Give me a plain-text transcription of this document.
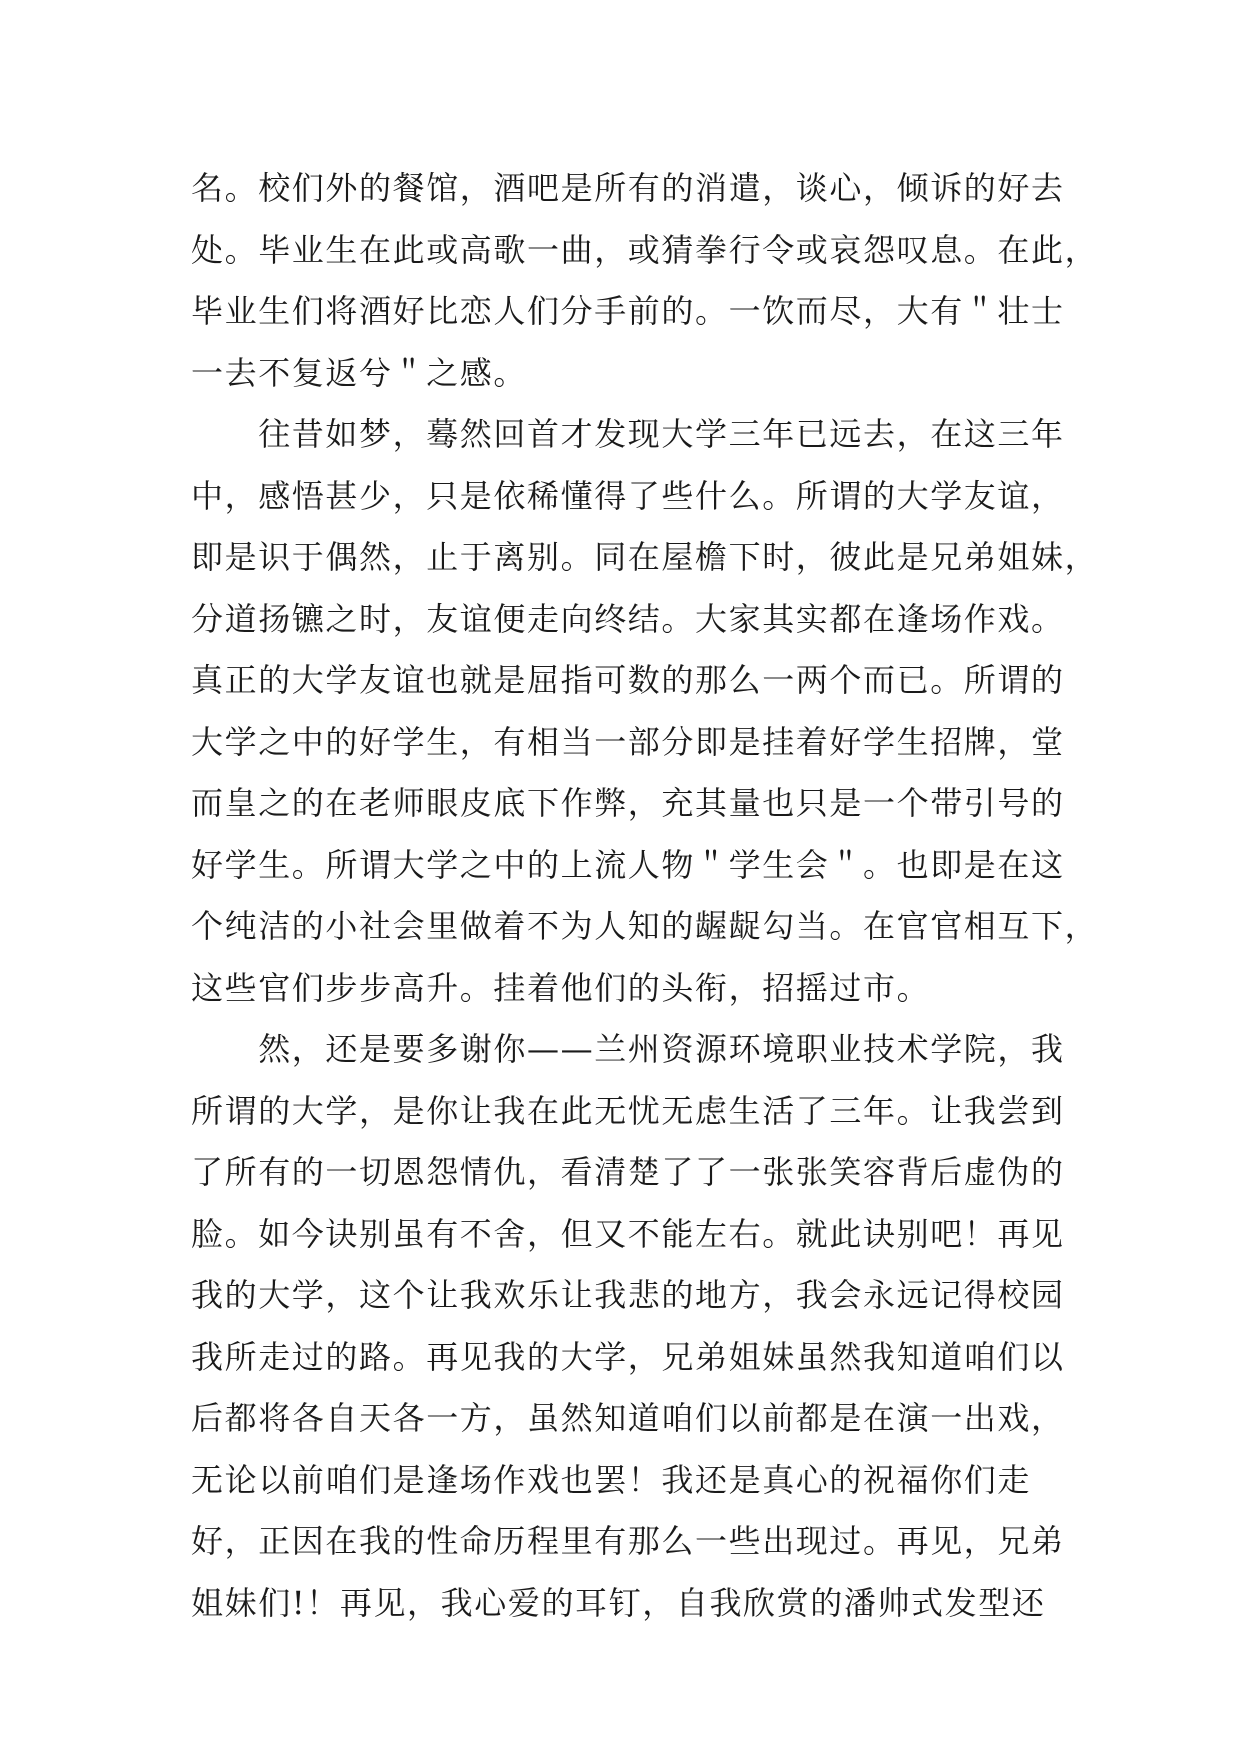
名。校们外的餐馆，酒吧是所有的消遣，谈心，倾诉的好去
处。毕业生在此或高歌一曲，或猜拳行令或哀怨叹息。在此，
毕业生们将酒好比恋人们分手前的。一饮而尽，大有＂壮士
一去不复返兮＂之感。
　　往昔如梦，蓦然回首才发现大学三年已远去，在这三年
中，感悟甚少，只是依稀懂得了些什么。所谓的大学友谊，
即是识于偶然，止于离别。同在屋檐下时，彼此是兄弟姐妹，
分道扬镳之时，友谊便走向终结。大家其实都在逢场作戏。
真正的大学友谊也就是屈指可数的那么一两个而已。所谓的
大学之中的好学生，有相当一部分即是挂着好学生招牌，堂
而皇之的在老师眼皮底下作弊，充其量也只是一个带引号的
好学生。所谓大学之中的上流人物＂学生会＂。也即是在这
个纯洁的小社会里做着不为人知的龌龊勾当。在官官相互下，
这些官们步步高升。挂着他们的头衔，招摇过市。
　　然，还是要多谢你——兰州资源环境职业技术学院，我
所谓的大学，是你让我在此无忧无虑生活了三年。让我尝到
了所有的一切恩怨情仇，看清楚了了一张张笑容背后虚伪的
脸。如今诀别虽有不舍，但又不能左右。就此诀别吧！再见
我的大学，这个让我欢乐让我悲的地方，我会永远记得校园
我所走过的路。再见我的大学，兄弟姐妹虽然我知道咱们以
后都将各自天各一方，虽然知道咱们以前都是在演一出戏，
无论以前咱们是逢场作戏也罢！我还是真心的祝福你们走
好，正因在我的性命历程里有那么一些出现过。再见，兄弟
姐妹们!！再见，我心爱的耳钉，自我欣赏的潘帅式发型还
